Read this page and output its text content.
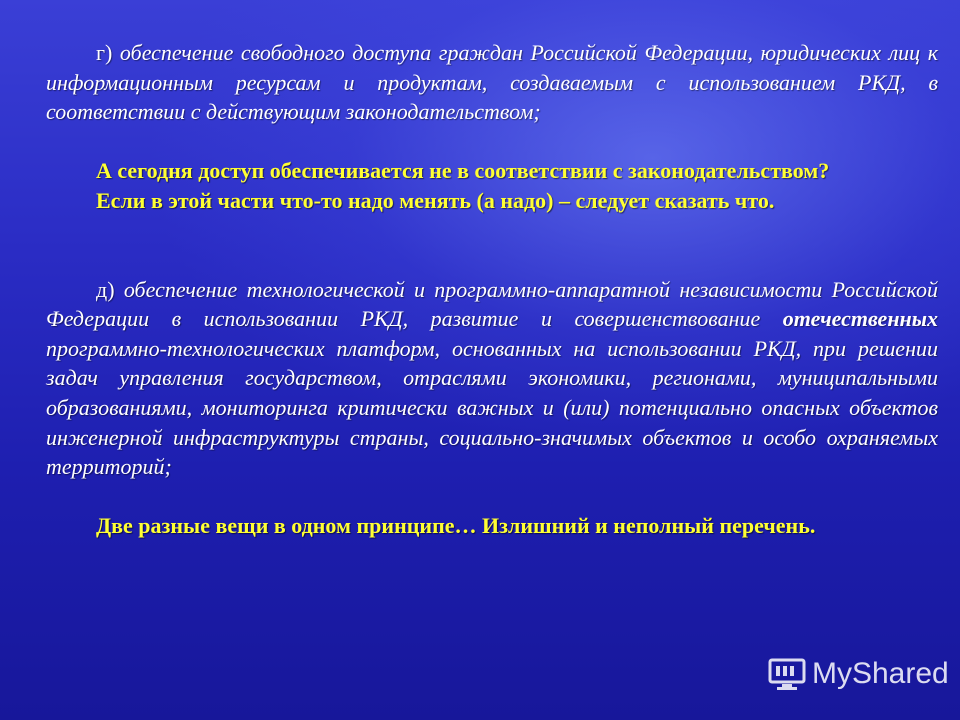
г) обеспечение свободного доступа граждан Российской Федерации, юридических лиц к информационным ресурсам и продуктам, создаваемым с использованием РКД, в соответствии с действующим законодательством;

А сегодня доступ обеспечивается не в соответствии с законодательством?

Если в этой части что-то надо менять (а надо) – следует сказать что.

д) обеспечение технологической и программно-аппаратной независимости Российской Федерации в использовании РКД, развитие и совершенствование отечественных программно-технологических платформ, основанных на использовании РКД, при решении задач управления государством, отраслями экономики, регионами, муниципальными образованиями, мониторинга критически важных и (или) потенциально опасных объектов инженерной инфраструктуры страны, социально-значимых объектов и особо охраняемых территорий;

Две разные вещи в одном принципе… Излишний и неполный перечень.

MyShared
